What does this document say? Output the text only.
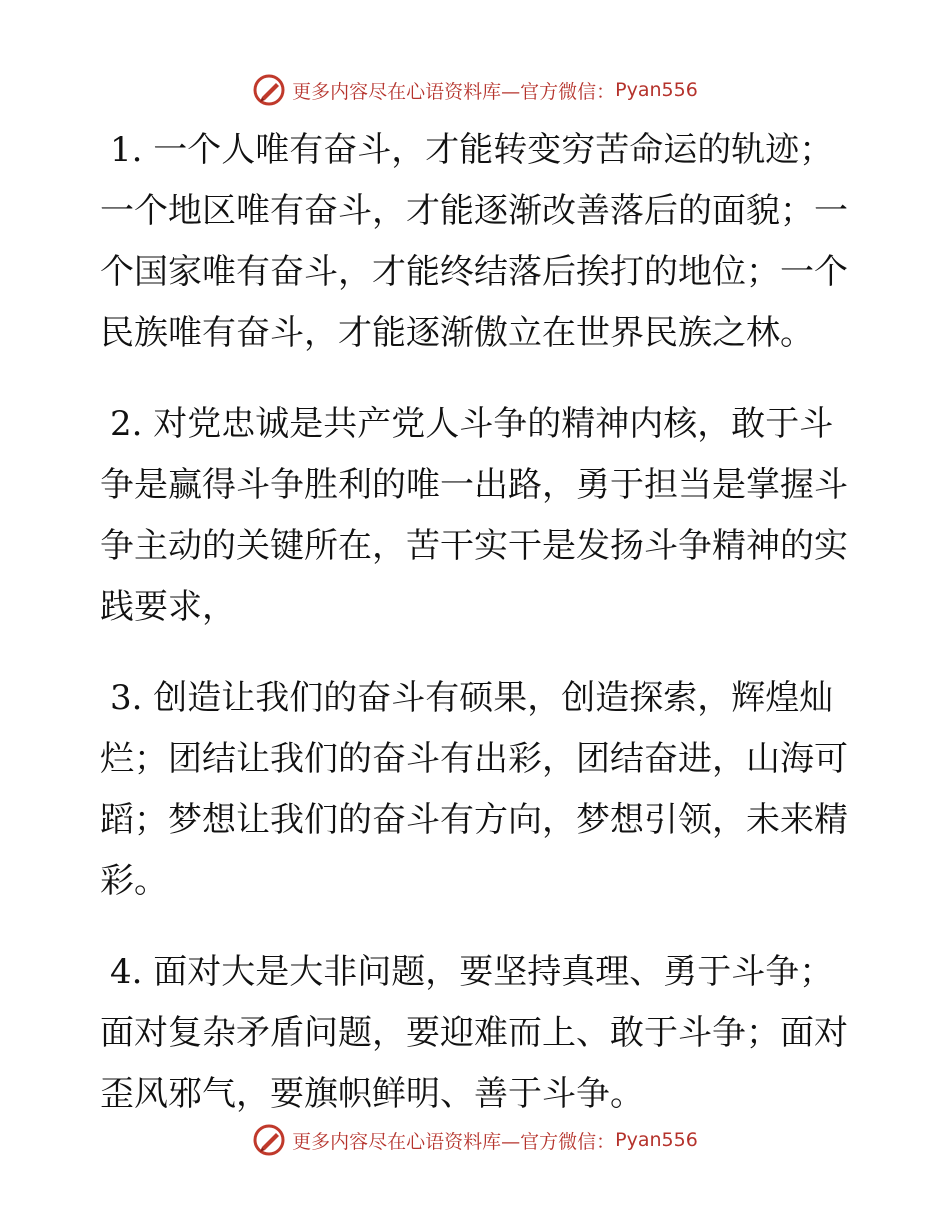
更多内容尽在心语资料库—官方微信： Pyan556

1. 一个人唯有奋斗，才能转变穷苦命运的轨迹；
一个地区唯有奋斗，才能逐渐改善落后的面貌；一
个国家唯有奋斗，才能终结落后挨打的地位；一个
民族唯有奋斗，才能逐渐傲立在世界民族之林。

2. 对党忠诚是共产党人斗争的精神内核，敢于斗
争是赢得斗争胜利的唯一出路，勇于担当是掌握斗
争主动的关键所在，苦干实干是发扬斗争精神的实
践要求，

3. 创造让我们的奋斗有硕果，创造探索，辉煌灿
烂；团结让我们的奋斗有出彩，团结奋进，山海可
蹈；梦想让我们的奋斗有方向，梦想引领，未来精
彩。

4. 面对大是大非问题，要坚持真理、勇于斗争；
面对复杂矛盾问题，要迎难而上、敢于斗争；面对
歪风邪气，要旗帜鲜明、善于斗争。

更多内容尽在心语资料库—官方微信： Pyan556
